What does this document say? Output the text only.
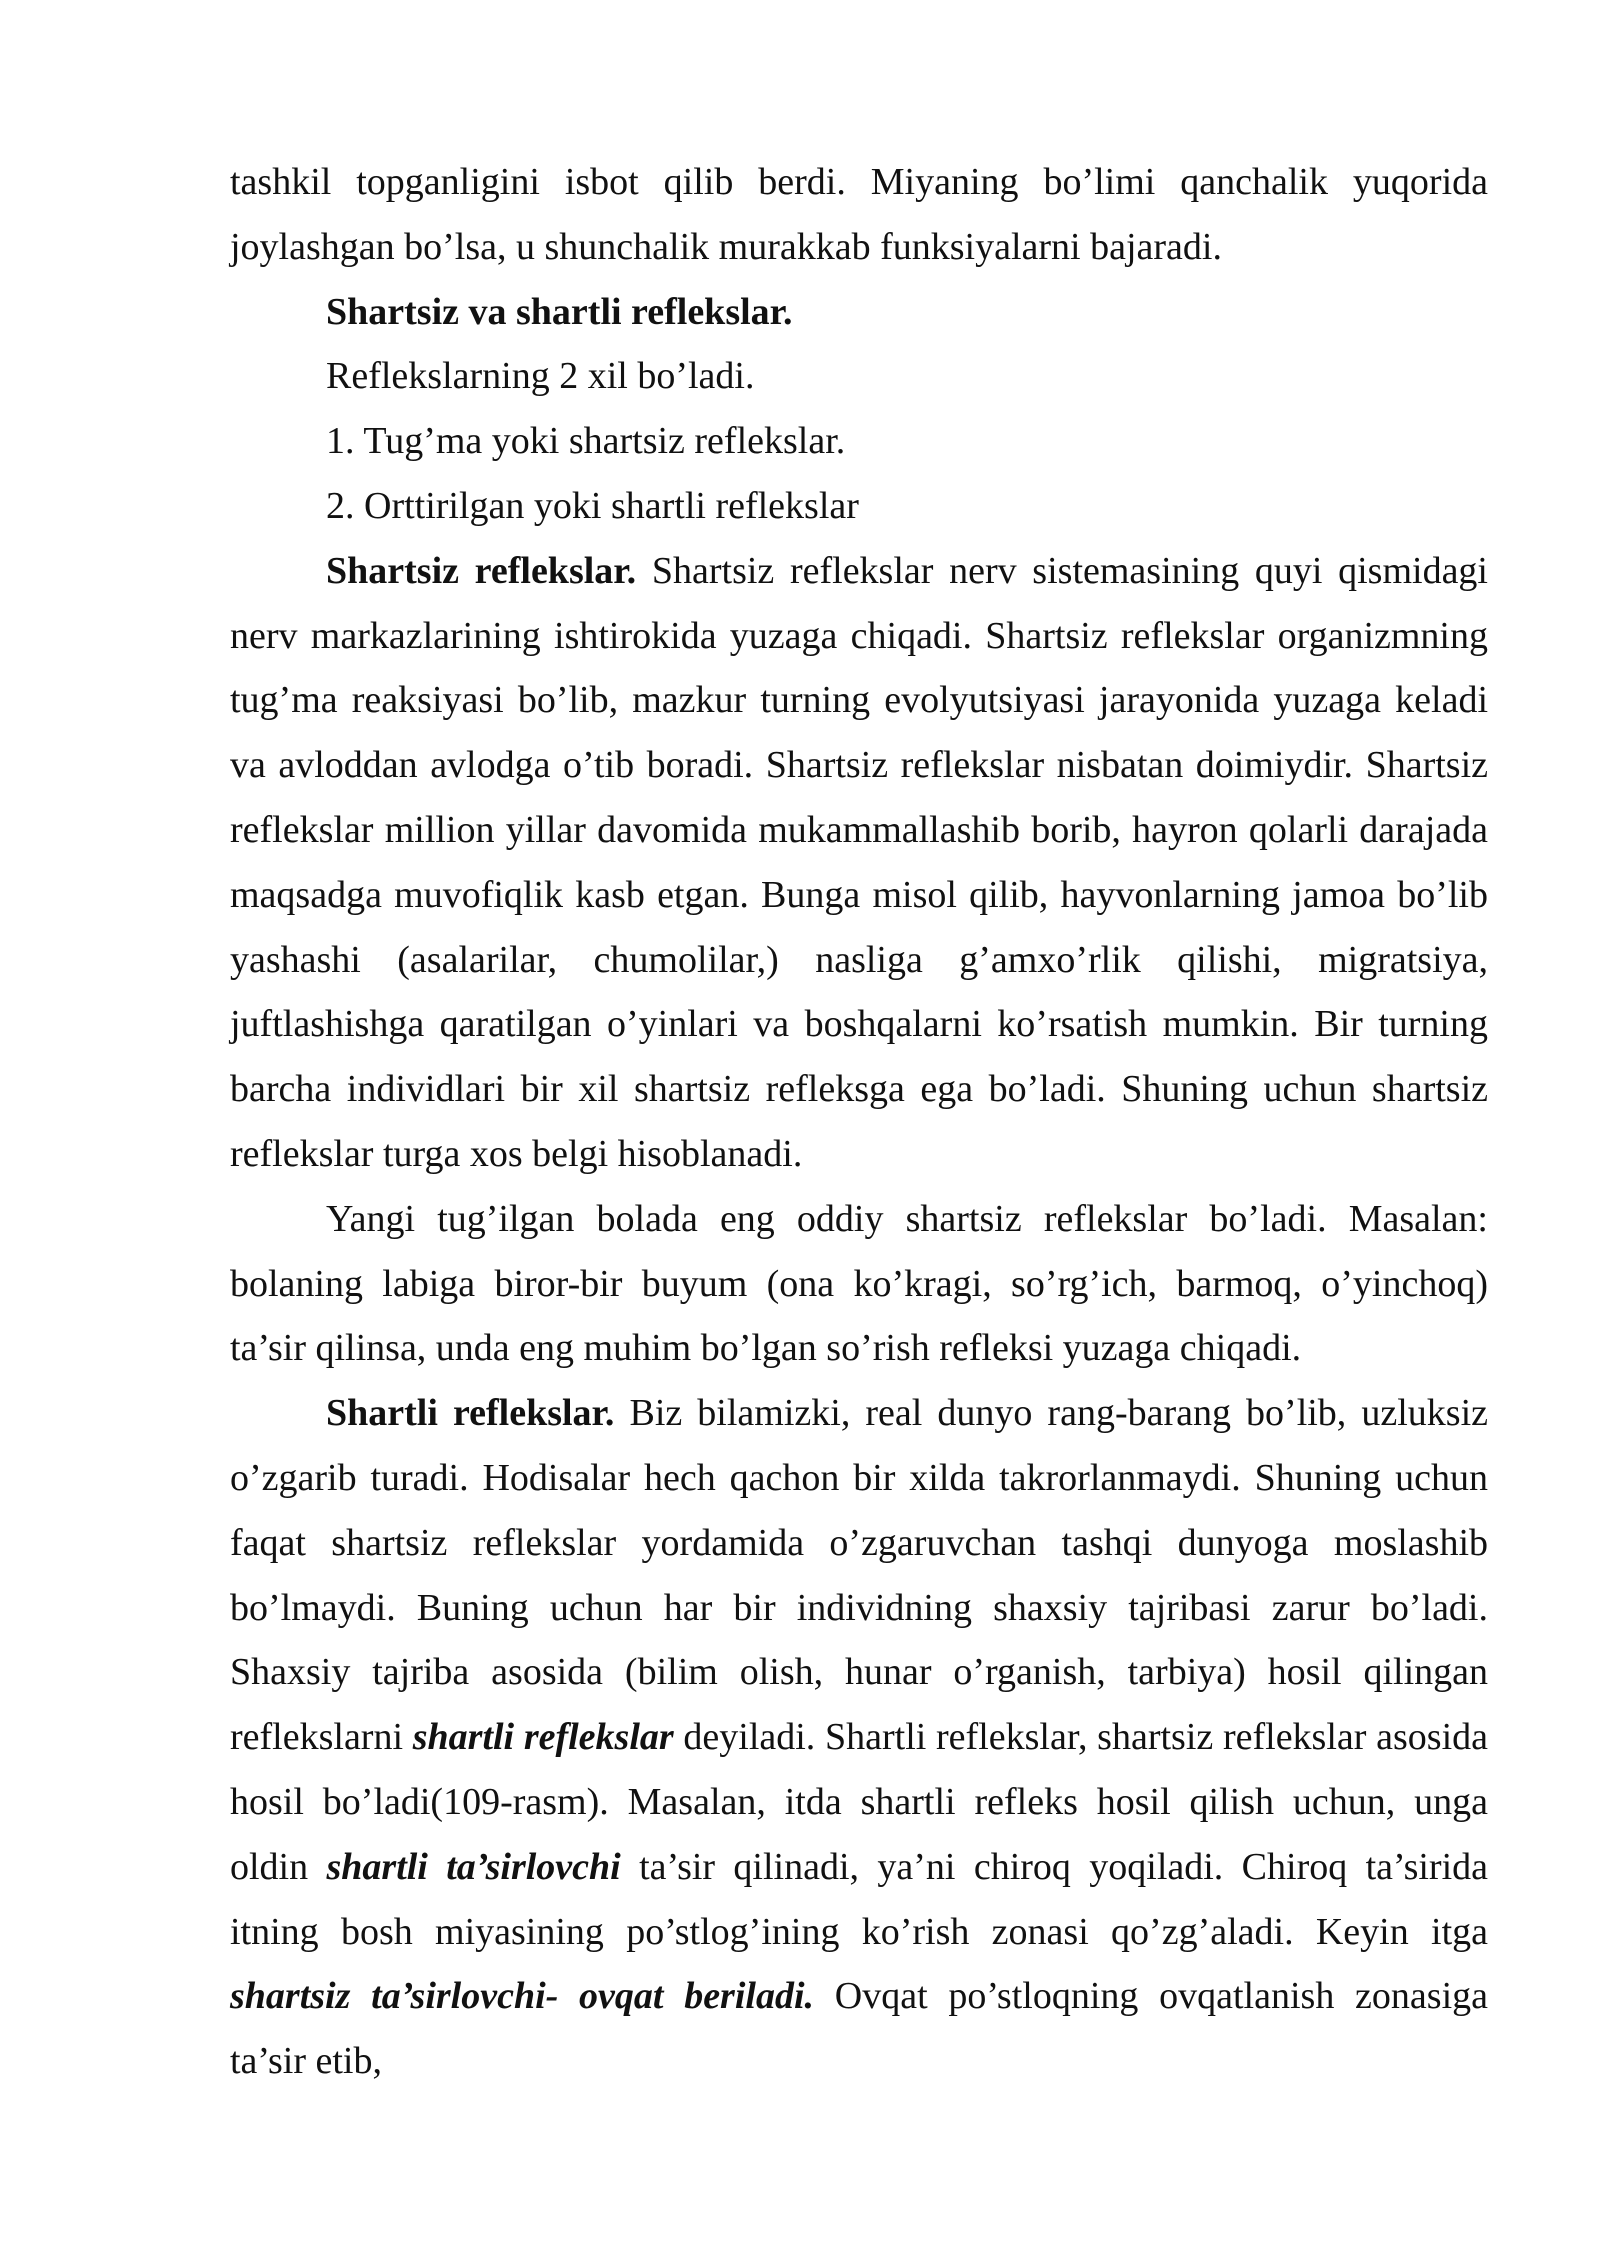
tashkil topganligini isbot qilib berdi. Miyaning bo’limi qanchalik yuqorida joylashgan bo’lsa, u shunchalik murakkab funksiyalarni bajaradi.

Shartsiz va shartli reflekslar.

Reflekslarning 2 xil bo’ladi.

1. Tug’ma yoki shartsiz reflekslar.

2. Orttirilgan yoki shartli reflekslar

Shartsiz reflekslar. Shartsiz reflekslar nerv sistemasining quyi qismidagi nerv markazlarining ishtirokida yuzaga chiqadi. Shartsiz reflekslar organizmning tug’ma reaksiyasi bo’lib, mazkur turning evolyutsiyasi jarayonida yuzaga keladi va avloddan avlodga o’tib boradi. Shartsiz reflekslar nisbatan doimiydir. Shartsiz reflekslar million yillar davomida mukammallashib borib, hayron qolarli darajada maqsadga muvofiqlik kasb etgan. Bunga misol qilib, hayvonlarning jamoa bo’lib yashashi (asalarilar, chumolilar,) nasliga g’amxo’rlik qilishi, migratsiya, juftlashishga qaratilgan o’yinlari va boshqalarni ko’rsatish mumkin. Bir turning barcha individlari bir xil shartsiz refleksga ega bo’ladi. Shuning uchun shartsiz reflekslar turga xos belgi hisoblanadi.

Yangi tug’ilgan bolada eng oddiy shartsiz reflekslar bo’ladi. Masalan: bolaning labiga biror-bir buyum (ona ko’kragi, so’rg’ich, barmoq, o’yinchoq) ta’sir qilinsa, unda eng muhim bo’lgan so’rish refleksi yuzaga chiqadi.

Shartli reflekslar. Biz bilamizki, real dunyo rang-barang bo’lib, uzluksiz o’zgarib turadi. Hodisalar hech qachon bir xilda takrorlanmaydi. Shuning uchun faqat shartsiz reflekslar yordamida o’zgaruvchan tashqi dunyoga moslashib bo’lmaydi. Buning uchun har bir individning shaxsiy tajribasi zarur bo’ladi. Shaxsiy tajriba asosida (bilim olish, hunar o’rganish, tarbiya) hosil qilingan reflekslarni shartli reflekslar deyiladi. Shartli reflekslar, shartsiz reflekslar asosida hosil bo’ladi(109-rasm). Masalan, itda shartli refleks hosil qilish uchun, unga oldin shartli ta’sirlovchi ta’sir qilinadi, ya’ni chiroq yoqiladi. Chiroq ta’sirida itning bosh miyasining po’stlog’ining ko’rish zonasi qo’zg’aladi. Keyin itga shartsiz ta’sirlovchi- ovqat beriladi. Ovqat po’stloqning ovqatlanish zonasiga ta’sir etib,
